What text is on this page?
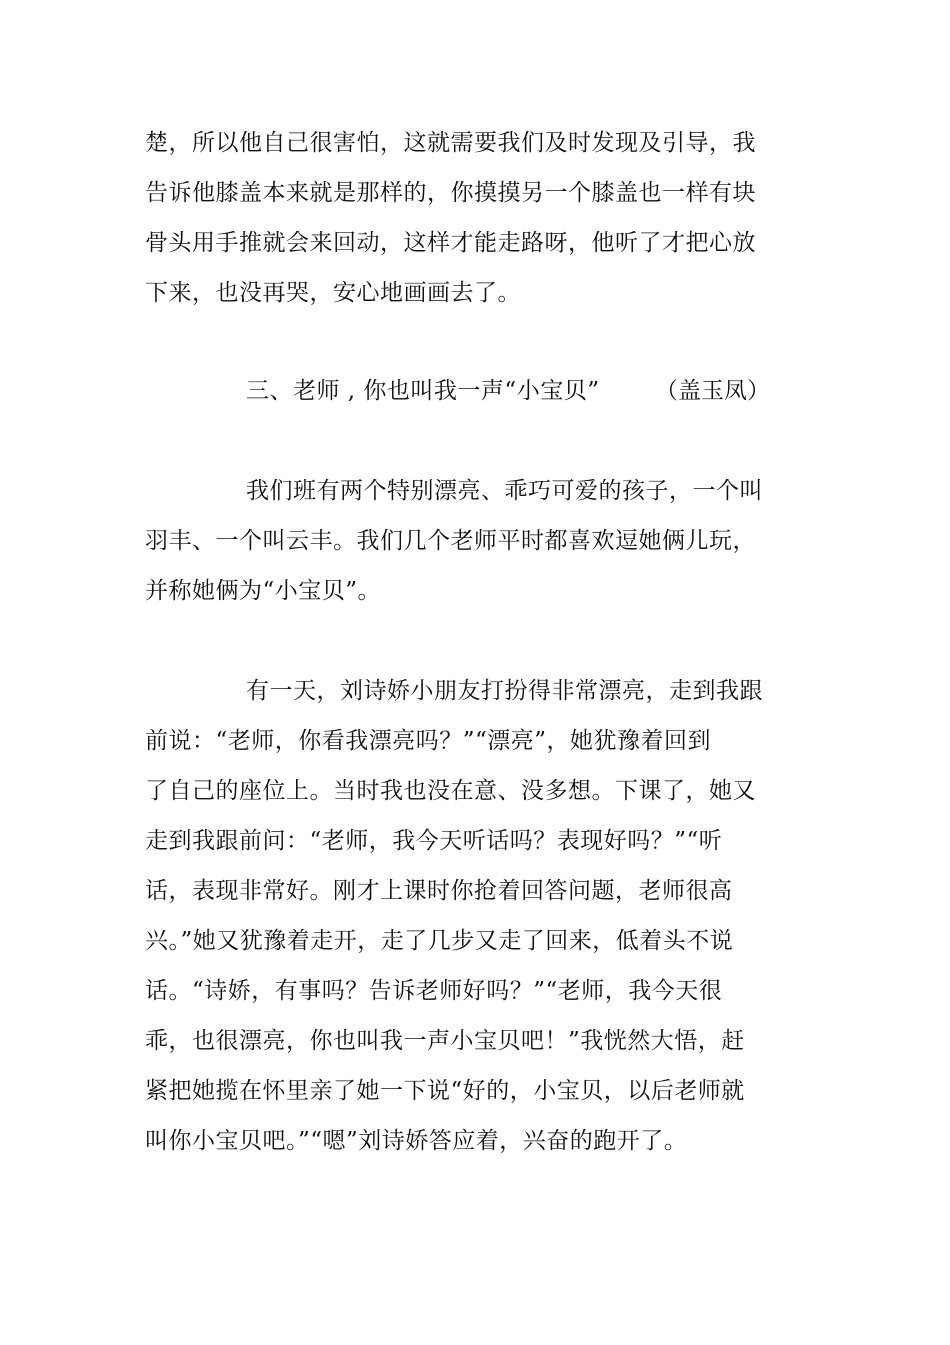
楚，所以他自己很害怕，这就需要我们及时发现及引导，我
告诉他膝盖本来就是那样的，你摸摸另一个膝盖也一样有块
骨头用手推就会来回动，这样才能走路呀，他听了才把心放
下来，也没再哭，安心地画画去了。
三、老师 , 你也叫我一声“小宝贝” （盖玉凤）
我们班有两个特别漂亮、乖巧可爱的孩子，一个叫
羽丰、一个叫云丰。我们几个老师平时都喜欢逗她俩儿玩，
并称她俩为“小宝贝”。
有一天，刘诗娇小朋友打扮得非常漂亮，走到我跟
前说：“老师，你看我漂亮吗？”“漂亮”，她犹豫着回到
了自己的座位上。当时我也没在意、没多想。下课了，她又
走到我跟前问：“老师，我今天听话吗？表现好吗？”“听
话，表现非常好。刚才上课时你抢着回答问题，老师很高
兴。”她又犹豫着走开，走了几步又走了回来，低着头不说
话。“诗娇，有事吗？告诉老师好吗？”“老师，我今天很
乖，也很漂亮，你也叫我一声小宝贝吧！”我恍然大悟，赶
紧把她揽在怀里亲了她一下说“好的，小宝贝，以后老师就
叫你小宝贝吧。”“嗯”刘诗娇答应着，兴奋的跑开了。
